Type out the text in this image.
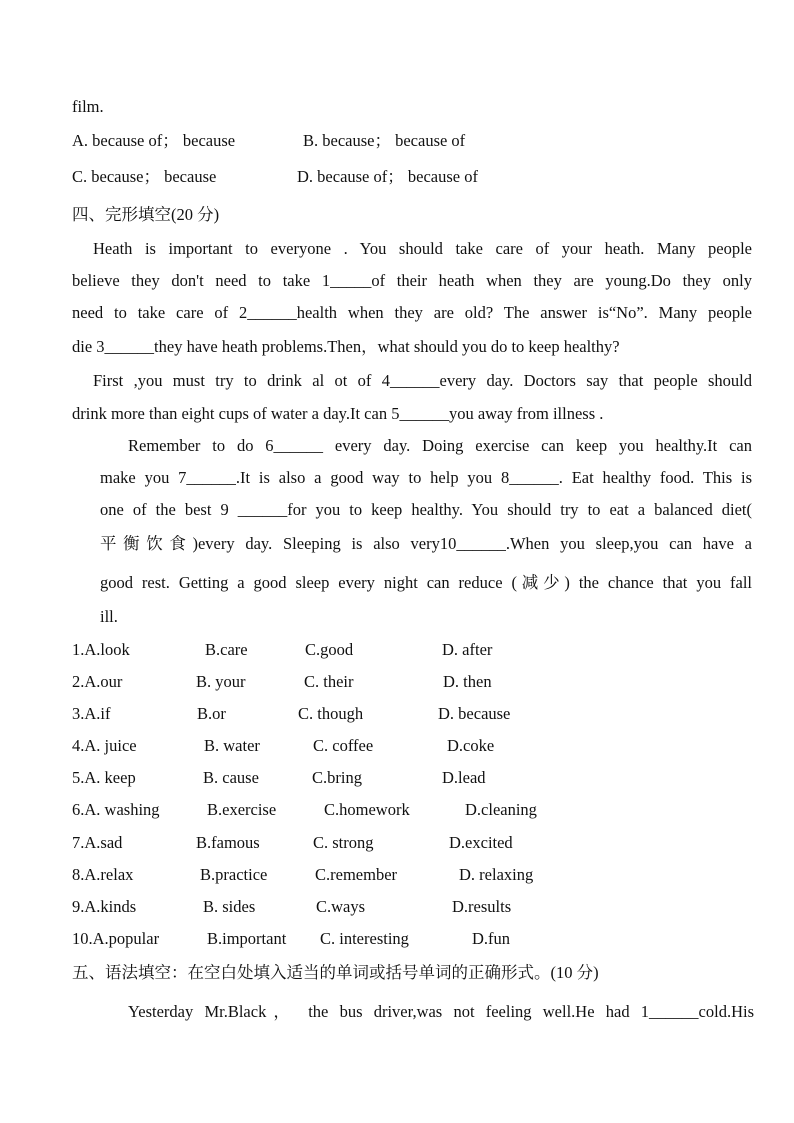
film.
A. because of； because	B. because； because of
C. because； because	D. because of； because of
四、完形填空(20 分)
Heath is important to everyone . You should take care of your heath. Many people
believe they don't need to take 1_____of their heath when they are young.Do they only
need to take care of 2______health when they are old? The answer is“No”. Many people
die 3______they have heath problems.Then，what should you do to keep healthy?
First ,you must try to drink al ot of 4______every day. Doctors say that people should
drink more than eight cups of water a day.It can 5______you away from illness .
Remember to do 6______ every day. Doing exercise can keep you healthy.It can
make you 7______.It is also a good way to help you 8______. Eat healthy food. This is
one of the best 9 ______for you to keep healthy. You should try to eat a balanced diet(
平衡饮食)every day. Sleeping is also very10______.When you sleep,you can have a
good rest. Getting a good sleep every night can reduce (减少) the chance that you fall
ill.
1.A.look	B.care	C.good	D. after
2.A.our	B. your	C. their	D. then
3.A.if	B.or	C. though	D. because
4.A. juice	B. water	C. coffee	D.coke
5.A. keep	B. cause	C.bring	D.lead
6.A. washing	B.exercise	C.homework	D.cleaning
7.A.sad	B.famous	C. strong	D.excited
8.A.relax	B.practice	C.remember	D. relaxing
9.A.kinds	B. sides	C.ways	D.results
10.A.popular	B.important C. interesting	D.fun
五、语法填空：在空白处填入适当的单词或括号单词的正确形式。(10 分)
Yesterday Mr.Black， the bus driver,was not feeling well.He had 1______cold.His
